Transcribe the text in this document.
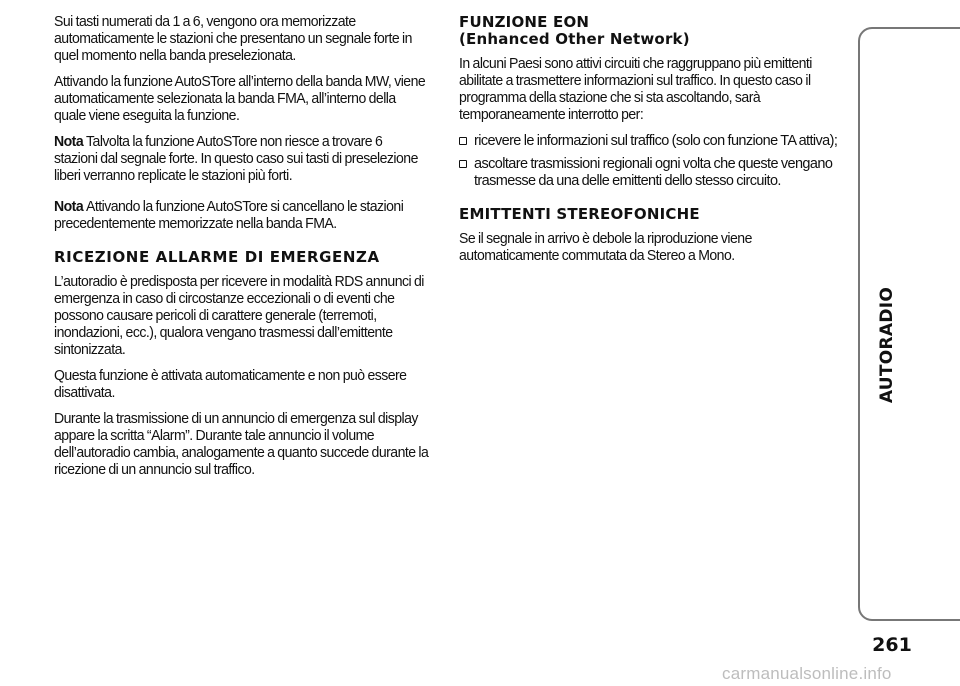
Sui tasti numerati da 1 a 6, vengono ora memorizzate automaticamente le stazioni che presentano un segnale forte in quel momento nella banda preselezionata.

Attivando la funzione AutoSTore all’interno della banda MW, viene automaticamente selezionata la banda FMA, all’interno della quale viene eseguita la funzione.

Nota Talvolta la funzione AutoSTore non riesce a trovare 6 stazioni dal segnale forte. In questo caso sui tasti di preselezione liberi verranno replicate le stazioni più forti.

Nota Attivando la funzione AutoSTore si cancellano le stazioni precedentemente memorizzate nella banda FMA.

RICEZIONE ALLARME DI EMERGENZA

L’autoradio è predisposta per ricevere in modalità RDS annunci di emergenza in caso di circostanze eccezionali o di eventi che possono causare pericoli di carattere generale (terremoti, inondazioni, ecc.), qualora vengano trasmessi dall’emittente sintonizzata.

Questa funzione è attivata automaticamente e non può essere disattivata.

Durante la trasmissione di un annuncio di emergenza sul display appare la scritta “Alarm”. Durante tale annuncio il volume dell’autoradio cambia, analogamente a quanto succede durante la ricezione di un annuncio sul traffico.

FUNZIONE EON
(Enhanced Other Network)

In alcuni Paesi sono attivi circuiti che raggruppano più emittenti abilitate a trasmettere informazioni sul traffico. In questo caso il programma della stazione che si sta ascoltando, sarà temporaneamente interrotto per:

ricevere le informazioni sul traffico (solo con funzione TA attiva);
ascoltare trasmissioni regionali ogni volta che queste vengano trasmesse da una delle emittenti dello stesso circuito.
EMITTENTI STEREOFONICHE

Se il segnale in arrivo è debole la riproduzione viene automaticamente commutata da Stereo a Mono.

AUTORADIO
261
carmanualsonline.info
